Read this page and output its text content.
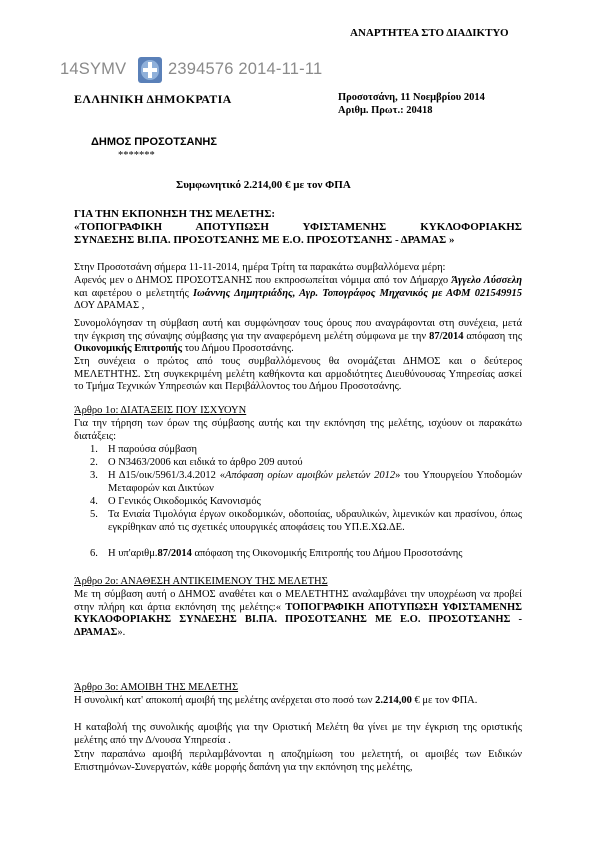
ΑΝΑΡΤΗΤΕΑ ΣΤΟ ΔΙΑΔΙΚΤΥΟ
14SYMV	2394576 2014-11-11
ΕΛΛΗΝΙΚΗ ΔΗΜΟΚΡΑΤΙΑ	Προσοτσάνη, 11 Νοεμβρίου 2014
Αριθμ. Πρωτ.: 20418
ΔΗΜΟΣ ΠΡΟΣΟΤΣΑΝΗΣ
*******
Συμφωνητικό 2.214,00 € με τον ΦΠΑ
ΓΙΑ ΤΗΝ ΕΚΠΟΝΗΣΗ ΤΗΣ ΜΕΛΕΤΗΣ:
«ΤΟΠΟΓΡΑΦΙΚΗ ΑΠΟΤΥΠΩΣΗ ΥΦΙΣΤΑΜΕΝΗΣ ΚΥΚΛΟΦΟΡΙΑΚΗΣ
ΣΥΝΔΕΣΗΣ ΒΙ.ΠΑ. ΠΡΟΣΟΤΣΑΝΗΣ ΜΕ Ε.Ο. ΠΡΟΣΟΤΣΑΝΗΣ - ΔΡΑΜΑΣ »
Στην Προσοτσάνη σήμερα 11-11-2014, ημέρα Τρίτη τα παρακάτω συμβαλλόμενα μέρη:
Αφενός μεν ο ΔΗΜΟΣ ΠΡΟΣΟΤΣΑΝΗΣ που εκπροσωπείται νόμιμα από τον Δήμαρχο Άγγελο Λύσσελη και αφετέρου ο μελετητής Ιωάννης Δημητριάδης, Αγρ. Τοπογράφος Μηχανικός με ΑΦΜ 021549915 ΔΟΥ ΔΡΑΜΑΣ ,
Συνομολόγησαν τη σύμβαση αυτή και συμφώνησαν τους όρους που αναγράφονται στη συνέχεια, μετά την έγκριση της σύναψης σύμβασης για την αναφερόμενη μελέτη σύμφωνα με την 87/2014 απόφαση της Οικονομικής Επιτροπής του Δήμου Προσοτσάνης.
Στη συνέχεια ο πρώτος από τους συμβαλλόμενους θα ονομάζεται ΔΗΜΟΣ και ο δεύτερος ΜΕΛΕΤΗΤΗΣ. Στη συγκεκριμένη μελέτη καθήκοντα και αρμοδιότητες Διευθύνουσας Υπηρεσίας ασκεί το Τμήμα Τεχνικών Υπηρεσιών και Περιβάλλοντος του Δήμου Προσοτσάνης.
Άρθρο 1ο: ΔΙΑΤΑΞΕΙΣ ΠΟΥ ΙΣΧΥΟΥΝ
Για την τήρηση των όρων της σύμβασης αυτής και την εκπόνηση της μελέτης, ισχύουν οι παρακάτω διατάξεις:
1. Η παρούσα σύμβαση
2. Ο Ν3463/2006 και ειδικά το άρθρο 209 αυτού
3. Η Δ15/οικ/5961/3.4.2012 «Απόφαση ορίων αμοιβών μελετών 2012» του Υπουργείου Υποδομών Μεταφορών και Δικτύων
4. Ο Γενικός Οικοδομικός Κανονισμός
5. Τα Ενιαία Τιμολόγια έργων οικοδομικών, οδοποιίας, υδραυλικών, λιμενικών και πρασίνου, όπως εγκρίθηκαν από τις σχετικές υπουργικές αποφάσεις του ΥΠ.Ε.ΧΩ.ΔΕ.
6. Η υπ'αριθμ.87/2014 απόφαση της Οικονομικής Επιτροπής του Δήμου Προσοτσάνης
Άρθρο 2ο: ΑΝΑΘΕΣΗ ΑΝΤΙΚΕΙΜΕΝΟΥ ΤΗΣ ΜΕΛΕΤΗΣ
Με τη σύμβαση αυτή ο ΔΗΜΟΣ αναθέτει και ο ΜΕΛΕΤΗΤΗΣ αναλαμβάνει την υποχρέωση να προβεί στην πλήρη και άρτια εκπόνηση της μελέτης:« ΤΟΠΟΓΡΑΦΙΚΗ ΑΠΟΤΥΠΩΣΗ ΥΦΙΣΤΑΜΕΝΗΣ ΚΥΚΛΟΦΟΡΙΑΚΗΣ ΣΥΝΔΕΣΗΣ ΒΙ.ΠΑ. ΠΡΟΣΟΤΣΑΝΗΣ ΜΕ Ε.Ο. ΠΡΟΣΟΤΣΑΝΗΣ - ΔΡΑΜΑΣ».
Άρθρο 3ο: ΑΜΟΙΒΗ ΤΗΣ ΜΕΛΕΤΗΣ
Η συνολική κατ' αποκοπή αμοιβή της μελέτης ανέρχεται στο ποσό των 2.214,00 € με τον ΦΠΑ.
Η καταβολή της συνολικής αμοιβής για την Οριστική Μελέτη θα γίνει με την έγκριση της οριστικής μελέτης από την Δ/νουσα Υπηρεσία .
Στην παραπάνω αμοιβή περιλαμβάνονται η αποζημίωση του μελετητή, οι αμοιβές των Ειδικών Επιστημόνων-Συνεργατών, κάθε μορφής δαπάνη για την εκπόνηση της μελέτης,
